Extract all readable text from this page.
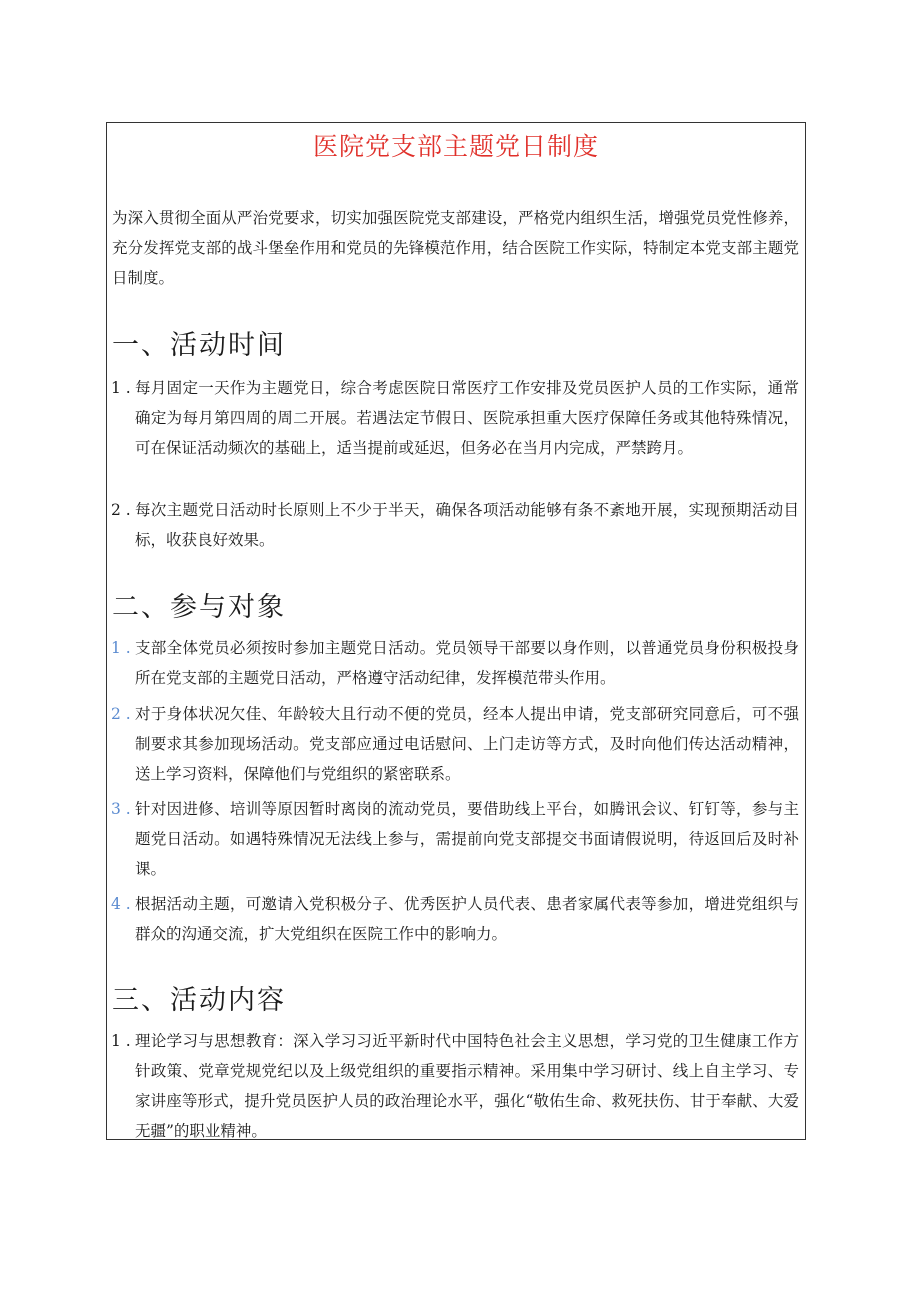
医院党支部主题党日制度
为深入贯彻全面从严治党要求，切实加强医院党支部建设，严格党内组织生活，增强党员党性修养，充分发挥党支部的战斗堡垒作用和党员的先锋模范作用，结合医院工作实际，特制定本党支部主题党日制度。
一、活动时间
1 . 每月固定一天作为主题党日，综合考虑医院日常医疗工作安排及党员医护人员的工作实际，通常确定为每月第四周的周二开展。若遇法定节假日、医院承担重大医疗保障任务或其他特殊情况，可在保证活动频次的基础上，适当提前或延迟，但务必在当月内完成，严禁跨月。
2 . 每次主题党日活动时长原则上不少于半天，确保各项活动能够有条不紊地开展，实现预期活动目标，收获良好效果。
二、参与对象
1 . 支部全体党员必须按时参加主题党日活动。党员领导干部要以身作则，以普通党员身份积极投身所在党支部的主题党日活动，严格遵守活动纪律，发挥模范带头作用。
2 . 对于身体状况欠佳、年龄较大且行动不便的党员，经本人提出申请，党支部研究同意后，可不强制要求其参加现场活动。党支部应通过电话慰问、上门走访等方式，及时向他们传达活动精神，送上学习资料，保障他们与党组织的紧密联系。
3 . 针对因进修、培训等原因暂时离岗的流动党员，要借助线上平台，如腾讯会议、钉钉等，参与主题党日活动。如遇特殊情况无法线上参与，需提前向党支部提交书面请假说明，待返回后及时补课。
4 . 根据活动主题，可邀请入党积极分子、优秀医护人员代表、患者家属代表等参加，增进党组织与群众的沟通交流，扩大党组织在医院工作中的影响力。
三、活动内容
1 . 理论学习与思想教育：深入学习习近平新时代中国特色社会主义思想，学习党的卫生健康工作方针政策、党章党规党纪以及上级党组织的重要指示精神。采用集中学习研讨、线上自主学习、专家讲座等形式，提升党员医护人员的政治理论水平，强化“敬佑生命、救死扶伤、甘于奉献、大爱无疆”的职业精神。
